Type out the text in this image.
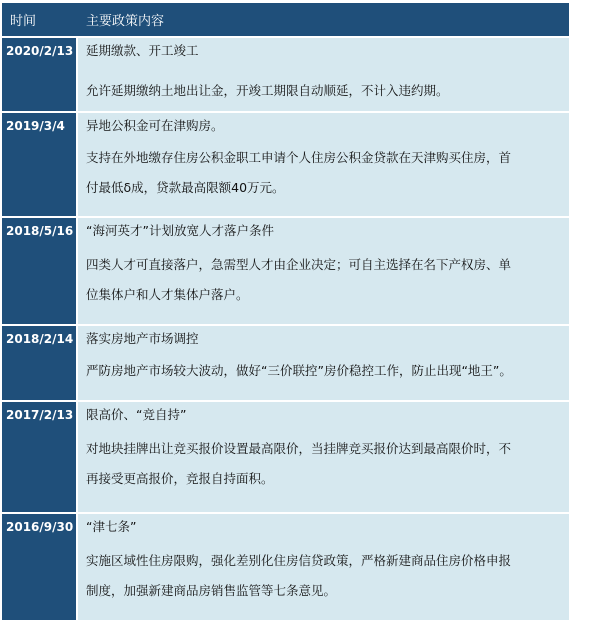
时间	主要政策内容
2020/2/13	延期缴款、开工竣工
允许延期缴纳土地出让金，开竣工期限自动顺延，不计入违约期。
2019/3/4	异地公积金可在津购房。
支持在外地缴存住房公积金职工申请个人住房公积金贷款在天津购买住房，首
付最低δ成，贷款最高限额40万元。
2018/5/16	“海河英才”计划放宽人才落户条件
四类人才可直接落户，急需型人才由企业决定；可自主选择在名下产权房、单
位集体户和人才集体户落户。
2018/2/14	落实房地产市场调控
严防房地产市场较大波动，做好“三价联控”房价稳控工作，防止出现“地王”。
2017/2/13	限高价、“竞自持”
对地块挂牌出让竞买报价设置最高限价，当挂牌竞买报价达到最高限价时，不
再接受更高报价，竞报自持面积。
2016/9/30	“津七条”
实施区域性住房限购，强化差别化住房信贷政策，严格新建商品住房价格申报
制度，加强新建商品房销售监管等七条意见。
